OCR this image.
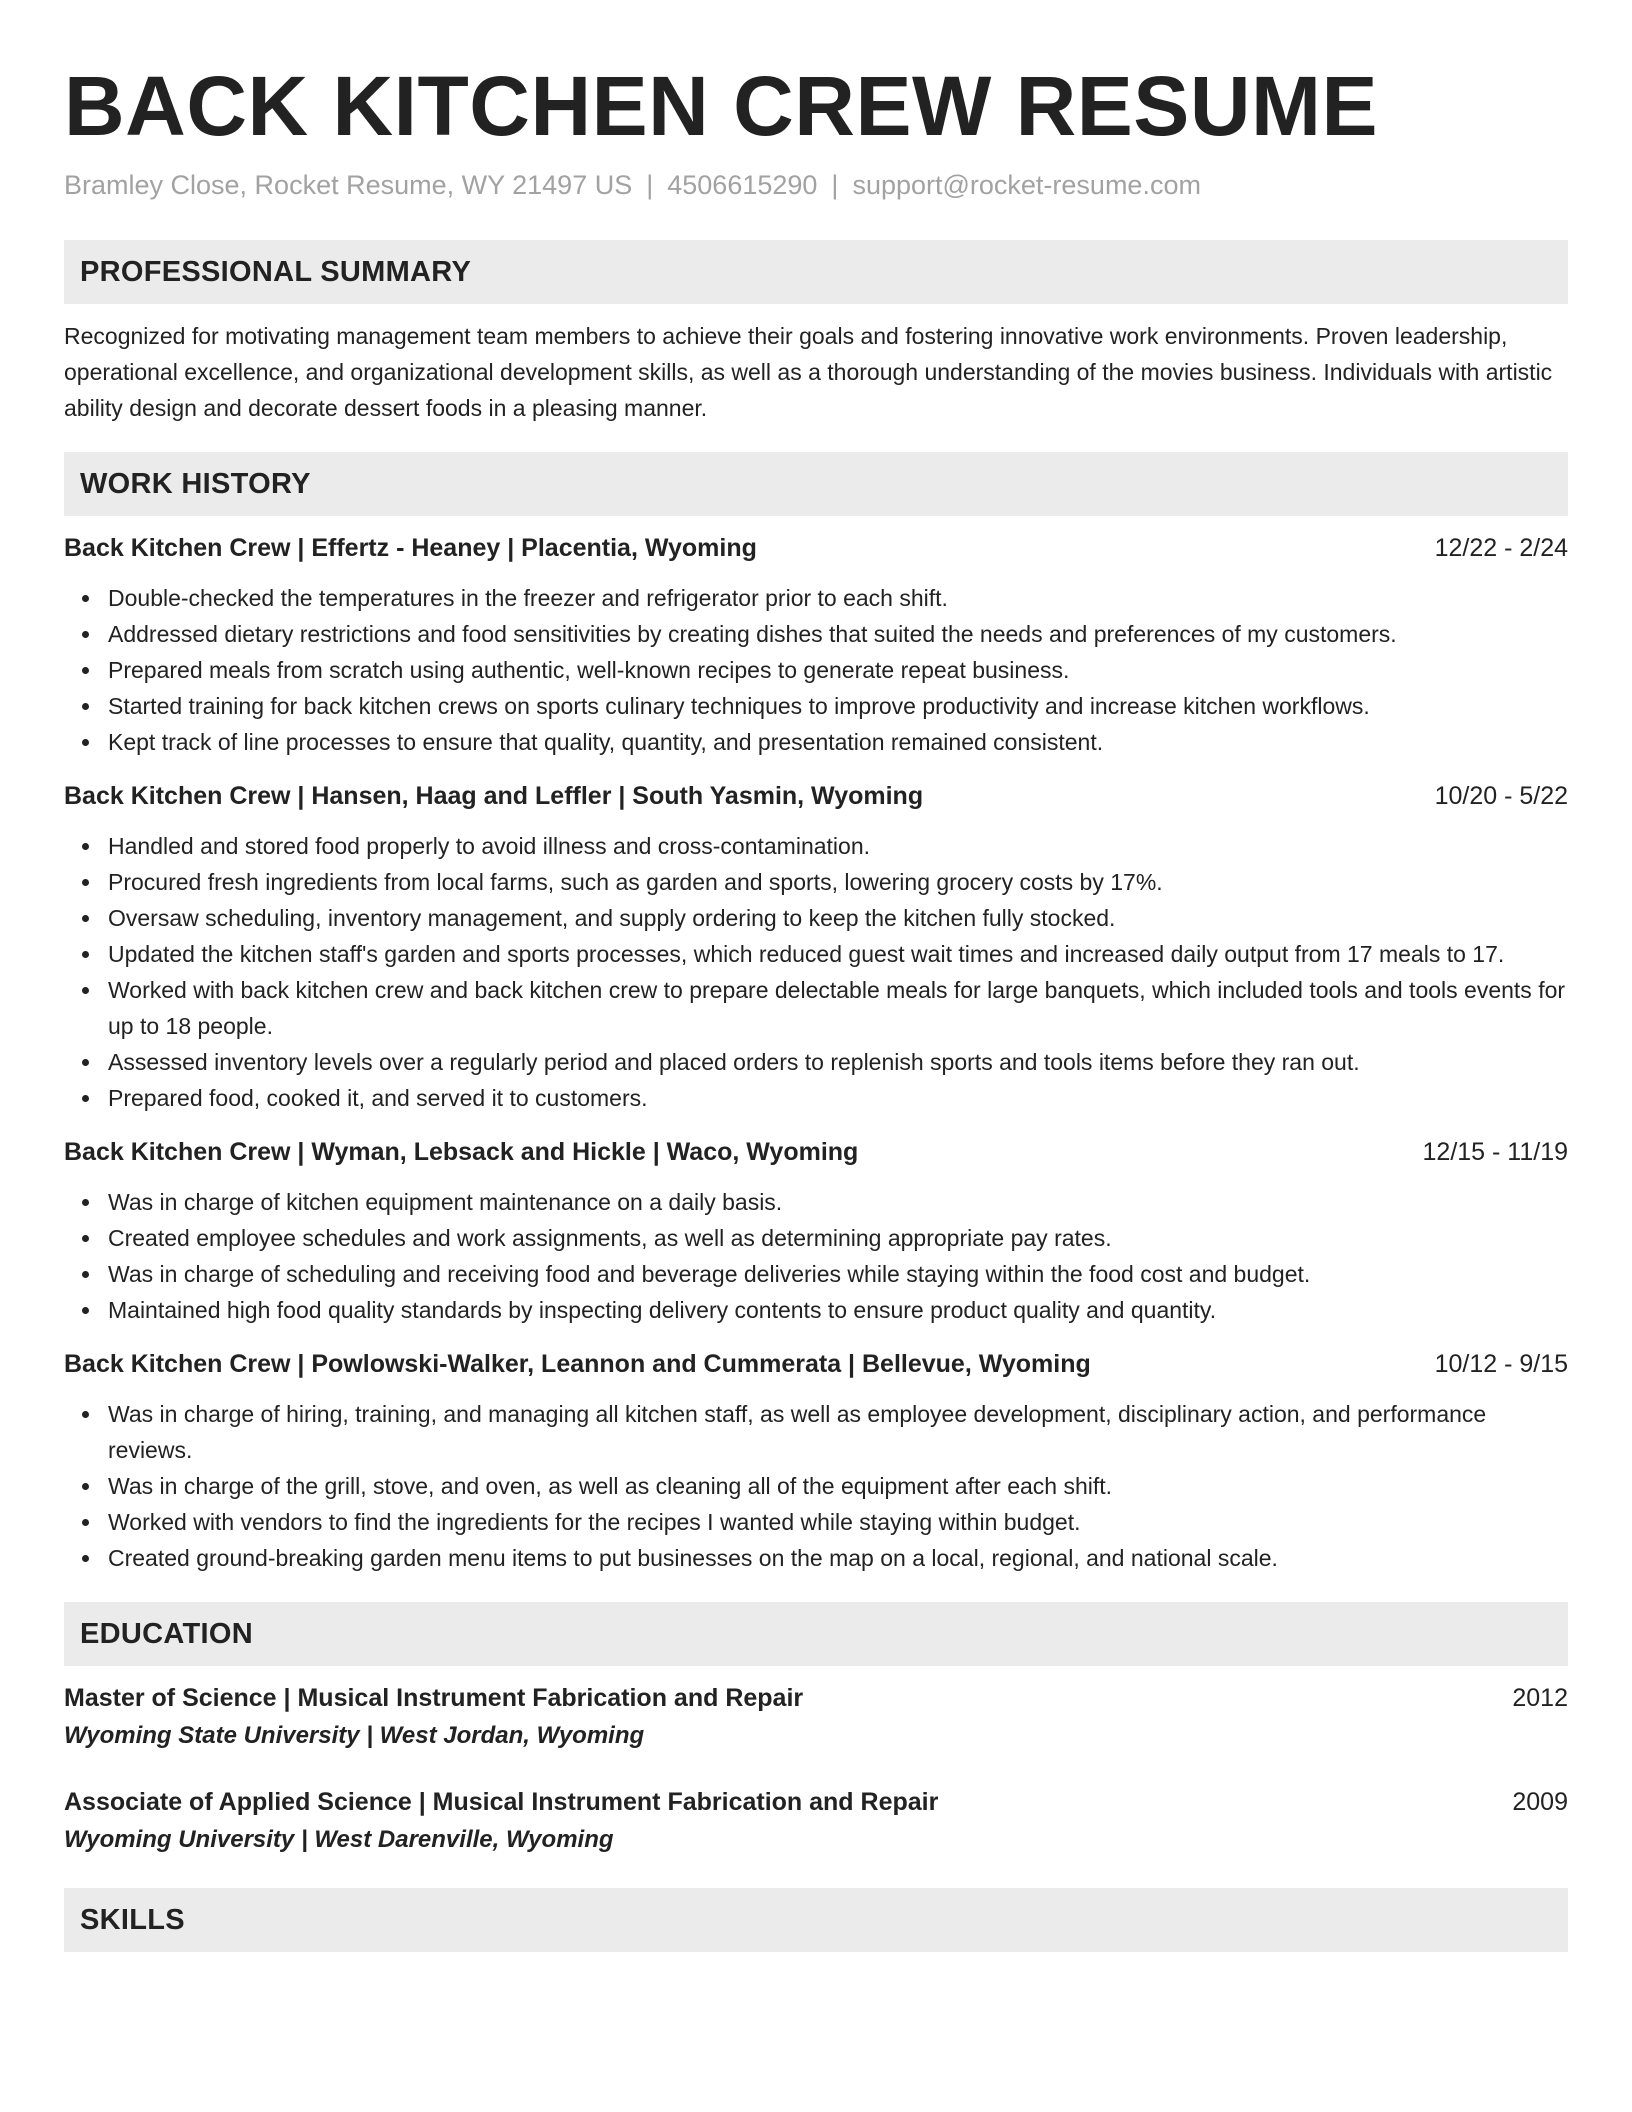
BACK KITCHEN CREW RESUME
Bramley Close, Rocket Resume, WY 21497 US | 4506615290 | support@rocket-resume.com
PROFESSIONAL SUMMARY
Recognized for motivating management team members to achieve their goals and fostering innovative work environments. Proven leadership, operational excellence, and organizational development skills, as well as a thorough understanding of the movies business. Individuals with artistic ability design and decorate dessert foods in a pleasing manner.
WORK HISTORY
Back Kitchen Crew | Effertz - Heaney | Placentia, Wyoming	12/22 - 2/24
Double-checked the temperatures in the freezer and refrigerator prior to each shift.
Addressed dietary restrictions and food sensitivities by creating dishes that suited the needs and preferences of my customers.
Prepared meals from scratch using authentic, well-known recipes to generate repeat business.
Started training for back kitchen crews on sports culinary techniques to improve productivity and increase kitchen workflows.
Kept track of line processes to ensure that quality, quantity, and presentation remained consistent.
Back Kitchen Crew | Hansen, Haag and Leffler | South Yasmin, Wyoming	10/20 - 5/22
Handled and stored food properly to avoid illness and cross-contamination.
Procured fresh ingredients from local farms, such as garden and sports, lowering grocery costs by 17%.
Oversaw scheduling, inventory management, and supply ordering to keep the kitchen fully stocked.
Updated the kitchen staff's garden and sports processes, which reduced guest wait times and increased daily output from 17 meals to 17.
Worked with back kitchen crew and back kitchen crew to prepare delectable meals for large banquets, which included tools and tools events for up to 18 people.
Assessed inventory levels over a regularly period and placed orders to replenish sports and tools items before they ran out.
Prepared food, cooked it, and served it to customers.
Back Kitchen Crew | Wyman, Lebsack and Hickle | Waco, Wyoming	12/15 - 11/19
Was in charge of kitchen equipment maintenance on a daily basis.
Created employee schedules and work assignments, as well as determining appropriate pay rates.
Was in charge of scheduling and receiving food and beverage deliveries while staying within the food cost and budget.
Maintained high food quality standards by inspecting delivery contents to ensure product quality and quantity.
Back Kitchen Crew | Powlowski-Walker, Leannon and Cummerata | Bellevue, Wyoming	10/12 - 9/15
Was in charge of hiring, training, and managing all kitchen staff, as well as employee development, disciplinary action, and performance reviews.
Was in charge of the grill, stove, and oven, as well as cleaning all of the equipment after each shift.
Worked with vendors to find the ingredients for the recipes I wanted while staying within budget.
Created ground-breaking garden menu items to put businesses on the map on a local, regional, and national scale.
EDUCATION
Master of Science | Musical Instrument Fabrication and Repair	2012
Wyoming State University | West Jordan, Wyoming
Associate of Applied Science | Musical Instrument Fabrication and Repair	2009
Wyoming University | West Darenville, Wyoming
SKILLS
